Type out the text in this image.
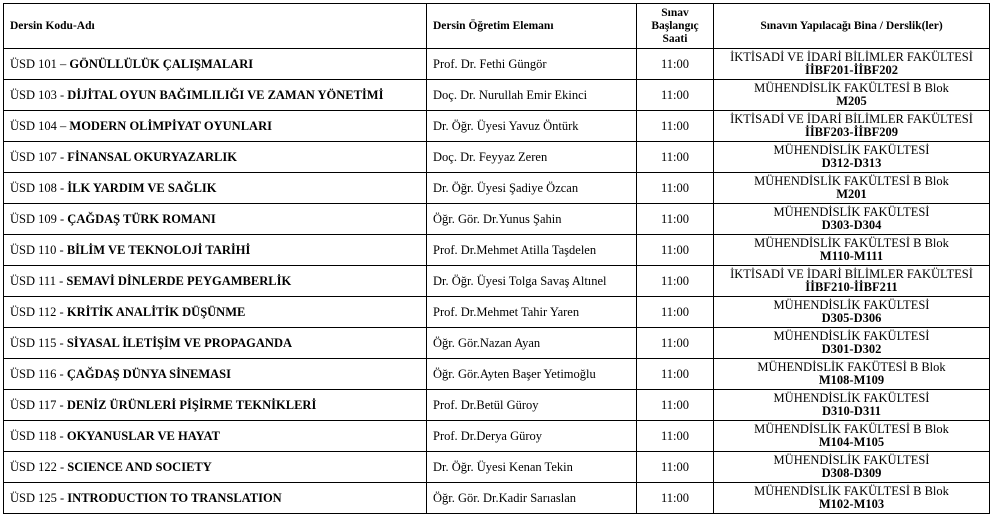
Dersin Kodu-Adı	Dersin Öğretim Elemanı	Sınav
Başlangıç
Saati	Sınavın Yapılacağı Bina / Derslik(ler)
ÜSD 101 – GÖNÜLLÜLÜK ÇALIŞMALARI	Prof. Dr. Fethi Güngör	11:00	İKTİSADİ VE İDARİ BİLİMLER FAKÜLTESİ
İİBF201-İİBF202

ÜSD 103 - DİJİTAL OYUN BAĞIMLILIĞI VE ZAMAN YÖNETİMİ	Doç. Dr. Nurullah Emir Ekinci	11:00	MÜHENDİSLİK FAKÜLTESİ B Blok
M205

ÜSD 104 – MODERN OLİMPİYAT OYUNLARI	Dr. Öğr. Üyesi Yavuz Öntürk	11:00	İKTİSADİ VE İDARİ BİLİMLER FAKÜLTESİ
İİBF203-İİBF209

ÜSD 107 - FİNANSAL OKURYAZARLIK	Doç. Dr. Feyyaz Zeren	11:00	MÜHENDİSLİK FAKÜLTESİ
D312-D313

ÜSD 108 - İLK YARDIM VE SAĞLIK	Dr. Öğr. Üyesi Şadiye Özcan	11:00	MÜHENDİSLİK FAKÜLTESİ B Blok
M201

ÜSD 109 - ÇAĞDAŞ TÜRK ROMANI	Öğr. Gör. Dr.Yunus Şahin	11:00	MÜHENDİSLİK FAKÜLTESİ
D303-D304

ÜSD 110 - BİLİM VE TEKNOLOJİ TARİHİ	Prof. Dr.Mehmet Atilla Taşdelen	11:00	MÜHENDİSLİK FAKÜLTESİ B Blok
M110-M111

ÜSD 111 - SEMAVİ DİNLERDE PEYGAMBERLİK	Dr. Öğr. Üyesi Tolga Savaş Altınel	11:00	İKTİSADİ VE İDARİ BİLİMLER FAKÜLTESİ
İİBF210-İİBF211

ÜSD 112 - KRİTİK ANALİTİK DÜŞÜNME	Prof. Dr.Mehmet Tahir Yaren	11:00	MÜHENDİSLİK FAKÜLTESİ
D305-D306

ÜSD 115 - SİYASAL İLETİŞİM VE PROPAGANDA	Öğr. Gör.Nazan Ayan	11:00	MÜHENDİSLİK FAKÜLTESİ
D301-D302

ÜSD 116 - ÇAĞDAŞ DÜNYA SİNEMASI	Öğr. Gör.Ayten Başer Yetimoğlu	11:00	MÜHENDİSLİK FAKÜTESİ B Blok
M108-M109

ÜSD 117 - DENİZ ÜRÜNLERİ PİŞİRME TEKNİKLERİ	Prof. Dr.Betül Güroy	11:00	MÜHENDİSLİK FAKÜLTESİ
D310-D311

ÜSD 118 - OKYANUSLAR VE HAYAT	Prof. Dr.Derya Güroy	11:00	MÜHENDİSLİK FAKÜLTESİ B Blok
M104-M105

ÜSD 122 - SCIENCE AND SOCIETY	Dr. Öğr. Üyesi Kenan Tekin	11:00	MÜHENDİSLİK FAKÜLTESİ
D308-D309

ÜSD 125 - INTRODUCTION TO TRANSLATION	Öğr. Gör. Dr.Kadir Sarıaslan	11:00	MÜHENDİSLİK FAKÜLTESİ B Blok
M102-M103
